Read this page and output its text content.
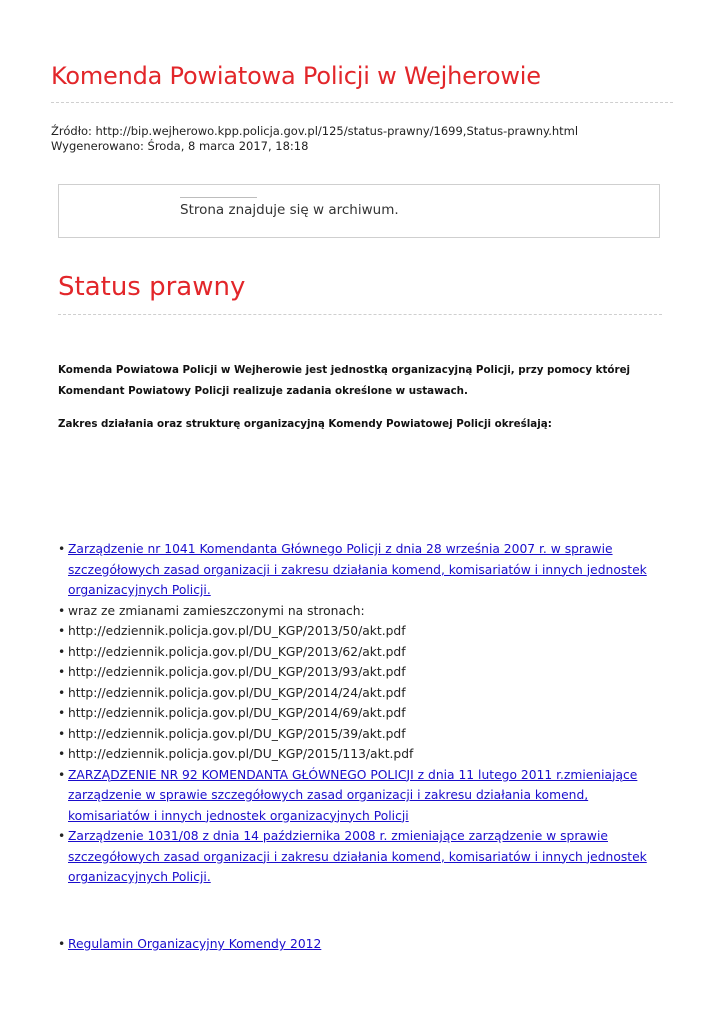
Komenda Powiatowa Policji w Wejherowie
Źródło: http://bip.wejherowo.kpp.policja.gov.pl/125/status-prawny/1699,Status-prawny.html
Wygenerowano: Środa, 8 marca 2017, 18:18
Strona znajduje się w archiwum.
Status prawny

Komenda Powiatowa Policji w Wejherowie jest jednostką organizacyjną Policji, przy pomocy której Komendant Powiatowy Policji realizuje zadania określone w ustawach.

Zakres działania oraz strukturę organizacyjną Komendy Powiatowej Policji określają:

• Zarządzenie nr 1041 Komendanta Głównego Policji z dnia 28 września 2007 r. w sprawie szczegółowych zasad organizacji i zakresu działania komend, komisariatów i innych jednostek organizacyjnych Policji.
• wraz ze zmianami zamieszczonymi na stronach:
• http://edziennik.policja.gov.pl/DU_KGP/2013/50/akt.pdf
• http://edziennik.policja.gov.pl/DU_KGP/2013/62/akt.pdf
• http://edziennik.policja.gov.pl/DU_KGP/2013/93/akt.pdf
• http://edziennik.policja.gov.pl/DU_KGP/2014/24/akt.pdf
• http://edziennik.policja.gov.pl/DU_KGP/2014/69/akt.pdf
• http://edziennik.policja.gov.pl/DU_KGP/2015/39/akt.pdf
• http://edziennik.policja.gov.pl/DU_KGP/2015/113/akt.pdf
• ZARZĄDZENIE NR 92 KOMENDANTA GŁÓWNEGO POLICJI z dnia 11 lutego 2011 r.zmieniające zarządzenie w sprawie szczegółowych zasad organizacji i zakresu działania komend, komisariatów i innych jednostek organizacyjnych Policji
• Zarządzenie 1031/08 z dnia 14 października 2008 r. zmieniające zarządzenie w sprawie szczegółowych zasad organizacji i zakresu działania komend, komisariatów i innych jednostek organizacyjnych Policji.
• Regulamin Organizacyjny Komendy 2012
